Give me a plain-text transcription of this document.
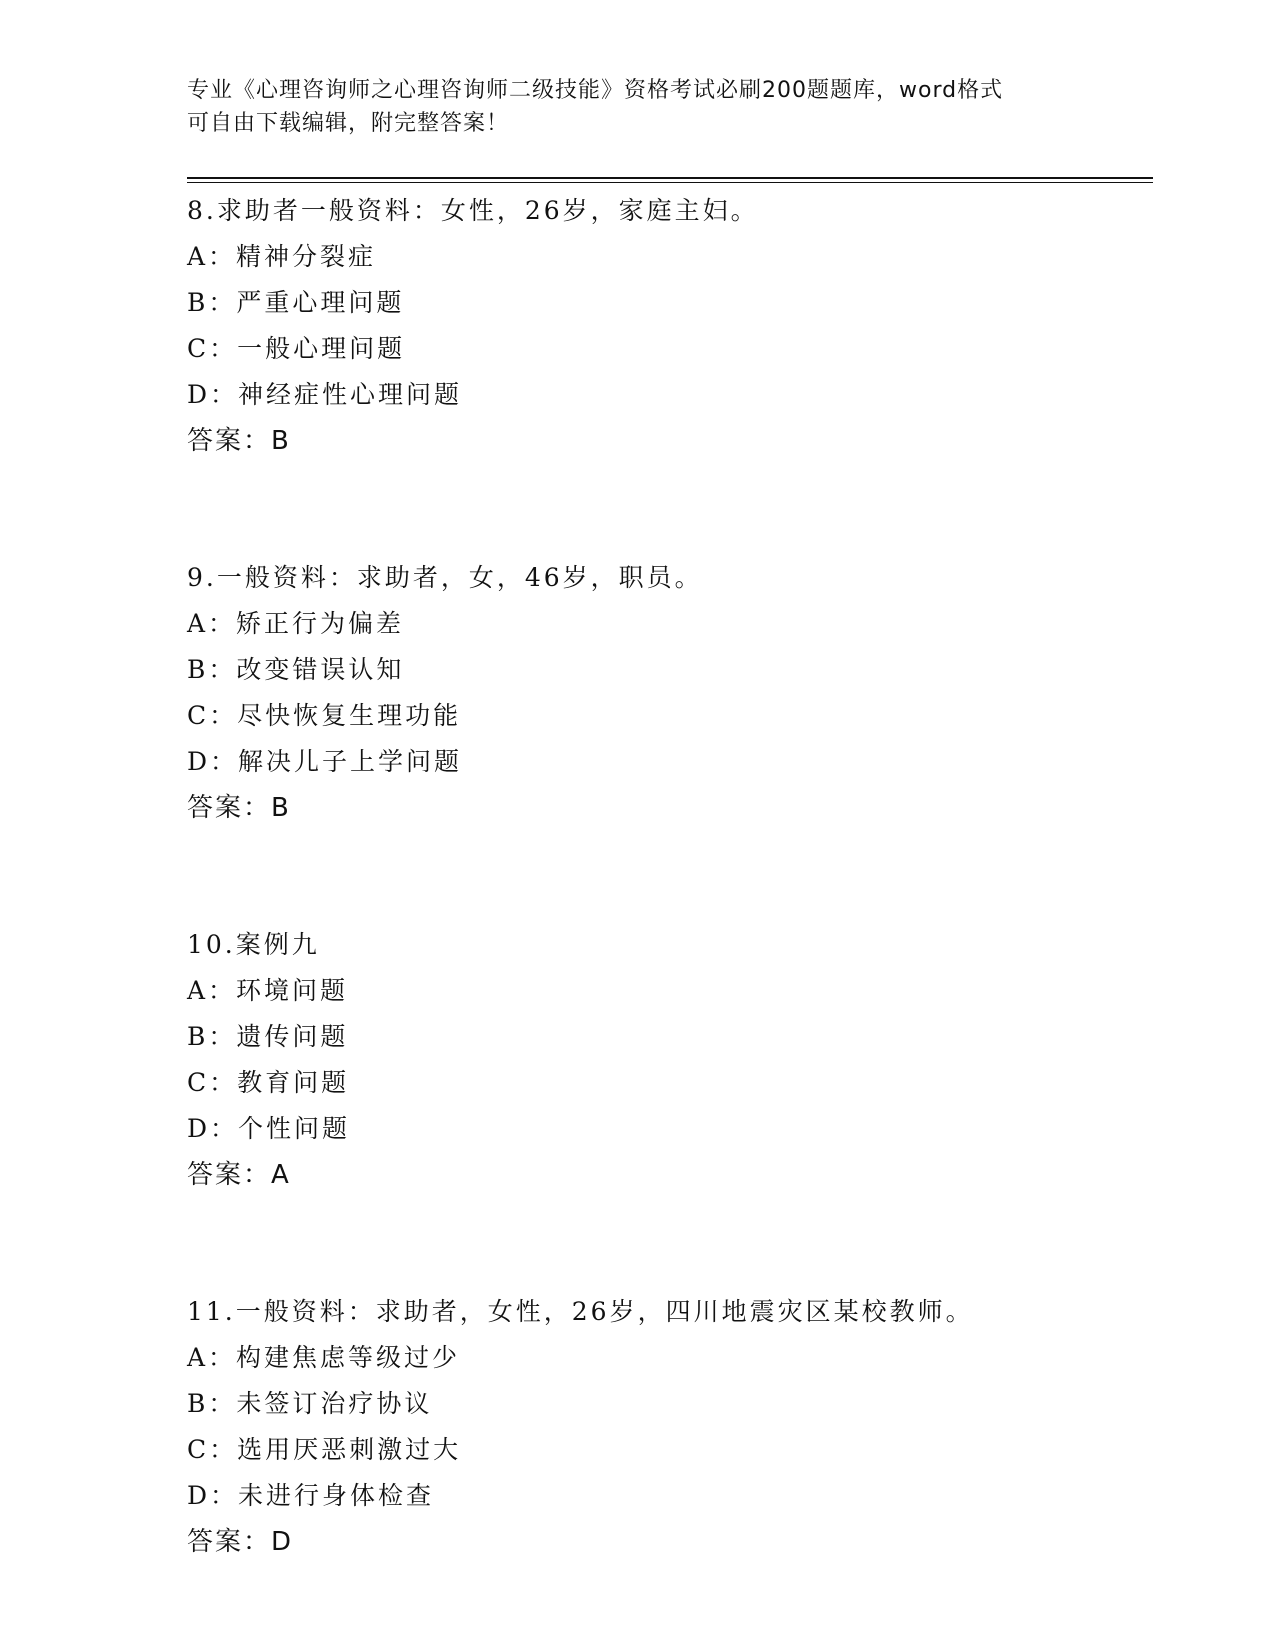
专业《心理咨询师之心理咨询师二级技能》资格考试必刷200题题库，word格式
可自由下载编辑，附完整答案！
8.求助者一般资料：女性，26岁，家庭主妇。
A：精神分裂症
B：严重心理问题
C：一般心理问题
D：神经症性心理问题
答案：B
9.一般资料：求助者，女，46岁，职员。
A：矫正行为偏差
B：改变错误认知
C：尽快恢复生理功能
D：解决儿子上学问题
答案：B
10.案例九
A：环境问题
B：遗传问题
C：教育问题
D：个性问题
答案：A
11.一般资料：求助者，女性，26岁，四川地震灾区某校教师。
A：构建焦虑等级过少
B：未签订治疗协议
C：选用厌恶刺激过大
D：未进行身体检查
答案：D
